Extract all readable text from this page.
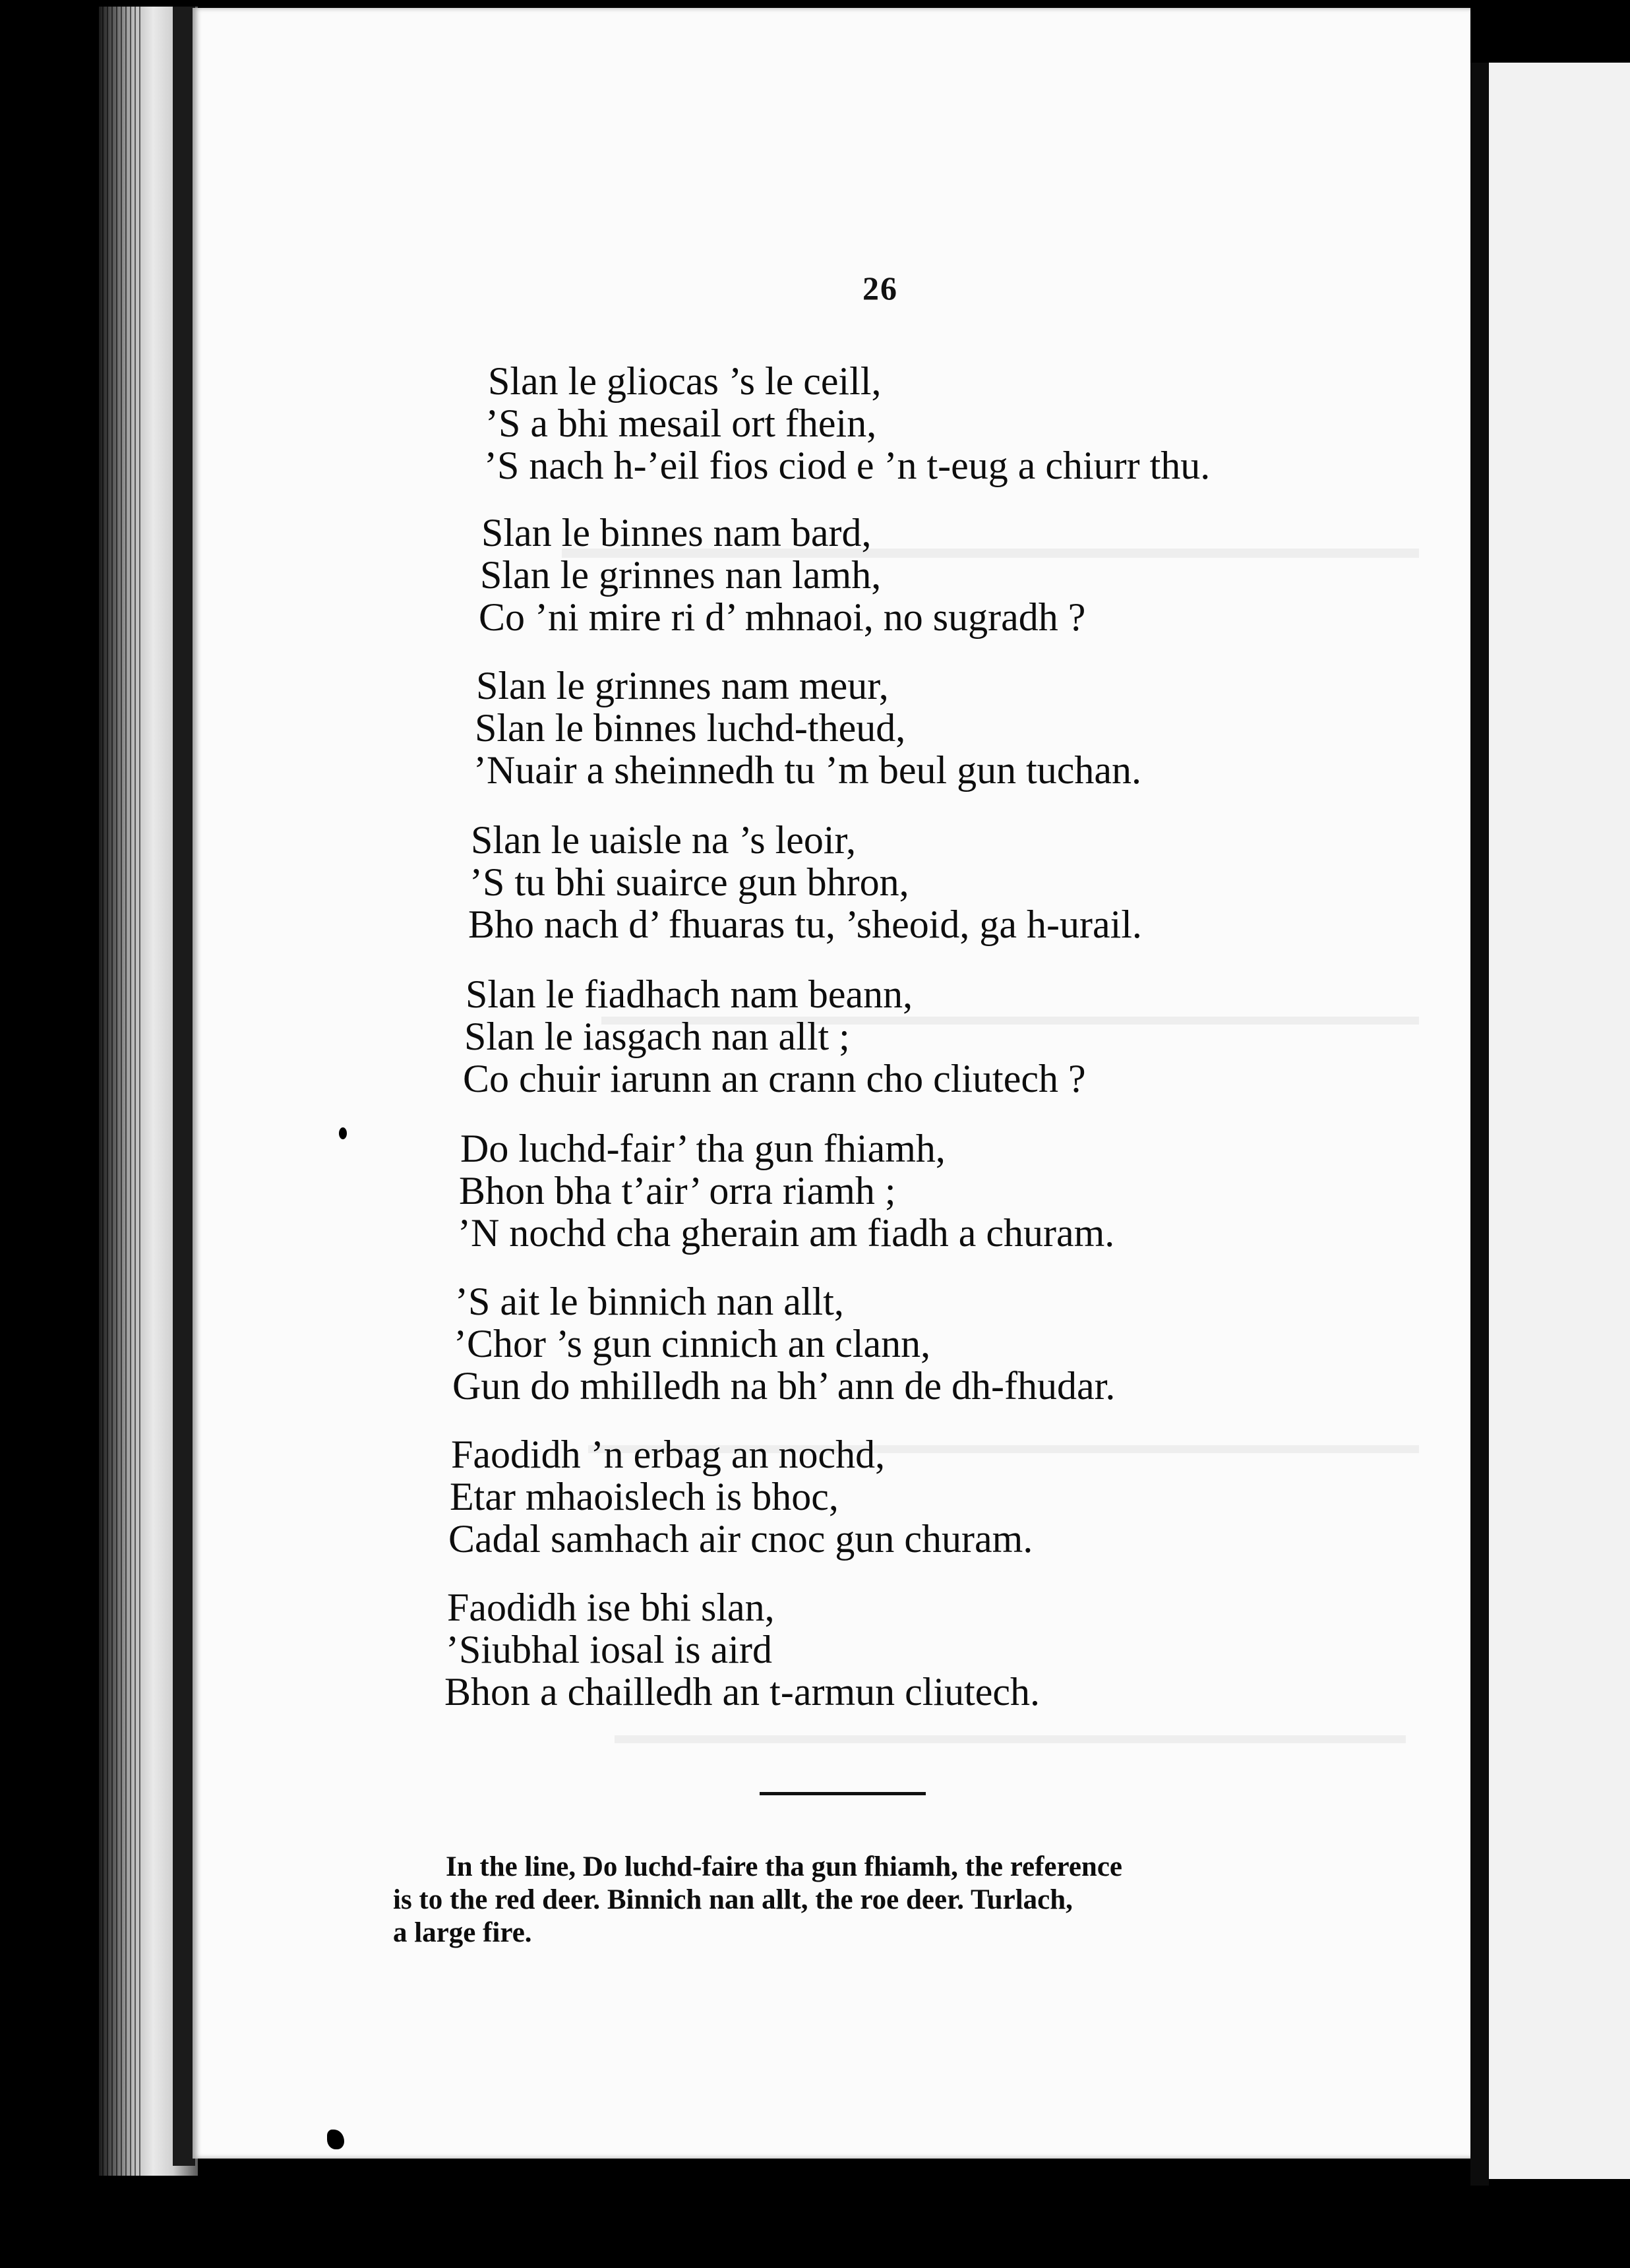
26
Slan le gliocas ’s le ceill,
’S a bhi mesail ort fhein,
’S nach h-’eil fios ciod e ’n t-eug a chiurr thu.
Slan le binnes nam bard,
Slan le grinnes nan lamh,
Co ’ni mire ri d’ mhnaoi, no sugradh ?
Slan le grinnes nam meur,
Slan le binnes luchd-theud,
’Nuair a sheinnedh tu ’m beul gun tuchan.
Slan le uaisle na ’s leoir,
’S tu bhi suairce gun bhron,
Bho nach d’ fhuaras tu, ’sheoid, ga h-urail.
Slan le fiadhach nam beann,
Slan le iasgach nan allt ;
Co chuir iarunn an crann cho cliutech ?
Do luchd-fair’ tha gun fhiamh,
Bhon bha t’air’ orra riamh ;
’N nochd cha gherain am fiadh a churam.
’S ait le binnich nan allt,
’Chor ’s gun cinnich an clann,
Gun do mhilledh na bh’ ann de dh-fhudar.
Faodidh ’n erbag an nochd,
Etar mhaoislech is bhoc,
Cadal samhach air cnoc gun churam.
Faodidh ise bhi slan,
’Siubhal iosal is aird
Bhon a chailledh an t-armun cliutech.
In the line, Do luchd-faire tha gun fhiamh, the reference
is to the red deer. Binnich nan allt, the roe deer. Turlach,
a large fire.
